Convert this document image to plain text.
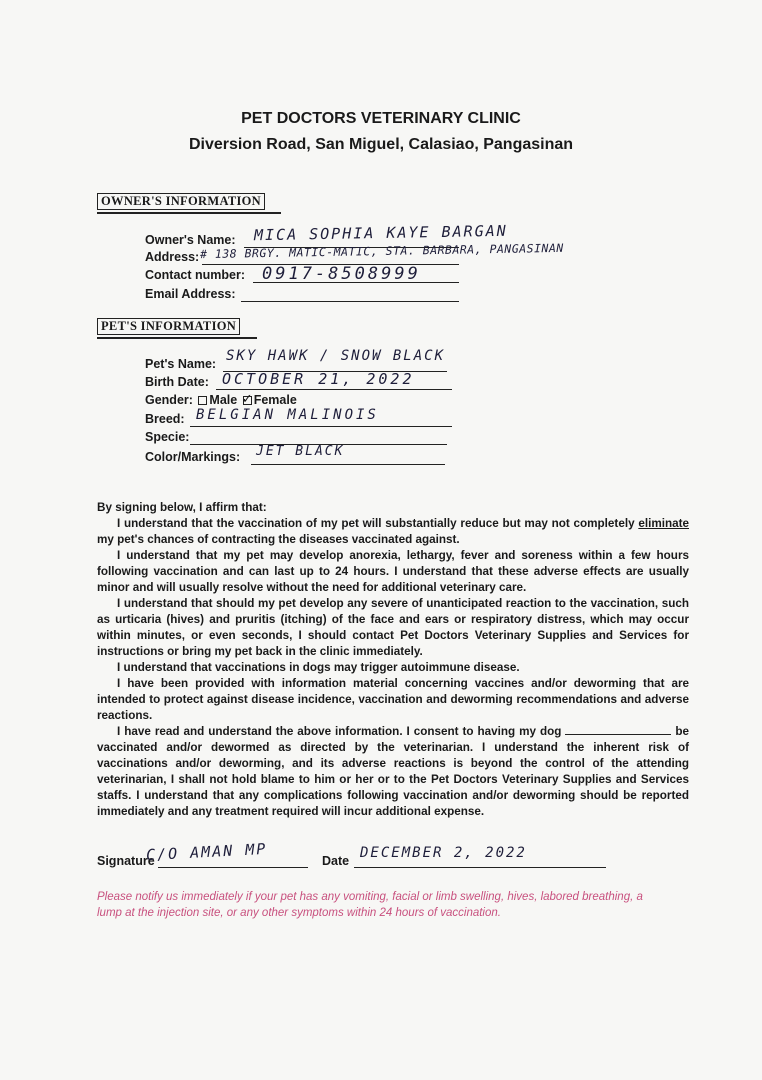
PET DOCTORS VETERINARY CLINIC
Diversion Road, San Miguel, Calasiao, Pangasinan
OWNER'S INFORMATION
Owner's Name: MICA SOPHIA KAYE BARGAN
Address: # 138 BRGY. MATIC-MATIC, STA. BARBARA, PANGASINAN
Contact number: 0917-8508999
Email Address:
PET'S INFORMATION
Pet's Name: SKY HAWK / SNOW BLACK
Birth Date: OCTOBER 21, 2022
Gender: Male ✓ Female
Breed: BELGIAN MALINOIS
Specie:
Color/Markings: JET BLACK

By signing below, I affirm that:

I understand that the vaccination of my pet will substantially reduce but may not completely eliminate my pet's chances of contracting the diseases vaccinated against.

I understand that my pet may develop anorexia, lethargy, fever and soreness within a few hours following vaccination and can last up to 24 hours. I understand that these adverse effects are usually minor and will usually resolve without the need for additional veterinary care.

I understand that should my pet develop any severe of unanticipated reaction to the vaccination, such as urticaria (hives) and pruritis (itching) of the face and ears or respiratory distress, which may occur within minutes, or even seconds, I should contact Pet Doctors Veterinary Supplies and Services for instructions or bring my pet back in the clinic immediately.

I understand that vaccinations in dogs may trigger autoimmune disease.

I have been provided with information material concerning vaccines and/or deworming that are intended to protect against disease incidence, vaccination and deworming recommendations and adverse reactions.

I have read and understand the above information. I consent to having my dog	be vaccinated and/or dewormed as directed by the veterinarian. I understand the inherent risk of vaccinations and/or deworming, and its adverse reactions is beyond the control of the attending veterinarian, I shall not hold blame to him or her or to the Pet Doctors Veterinary Supplies and Services staffs. I understand that any complications following vaccination and/or deworming should be reported immediately and any treatment required will incur additional expense.

Signature
C/O AMAN MP	Date DECEMBER 2, 2022
Please notify us immediately if your pet has any vomiting, facial or limb swelling, hives, labored breathing, a lump at the injection site, or any other symptoms within 24 hours of vaccination.
